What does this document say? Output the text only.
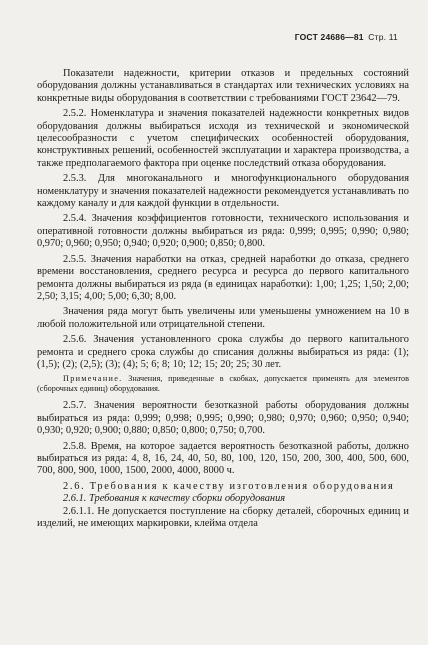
ГОСТ 24686—81 Стр. 11

Показатели надежности, критерии отказов и предельных состояний оборудования должны устанавливаться в стандартах или технических условиях на конкретные виды оборудования в соответствии с требованиями ГОСТ 23642—79.

2.5.2. Номенклатура и значения показателей надежности конкретных видов оборудования должны выбираться исходя из технической и экономической целесообразности с учетом специфических особенностей оборудования, конструктивных решений, особенностей эксплуатации и характера производства, а также предполагаемого фактора при оценке последствий отказа оборудования.

2.5.3. Для многоканального и многофункционального оборудования номенклатуру и значения показателей надежности рекомендуется устанавливать по каждому каналу и для каждой функции в отдельности.

2.5.4. Значения коэффициентов готовности, технического использования и оперативной готовности должны выбираться из ряда: 0,999; 0,995; 0,990; 0,980; 0,970; 0,960; 0,950; 0,940; 0,920; 0,900; 0,850; 0,800.

2.5.5. Значения наработки на отказ, средней наработки до отказа, среднего времени восстановления, среднего ресурса и ресурса до первого капитального ремонта должны выбираться из ряда (в единицах наработки): 1,00; 1,25; 1,50; 2,00; 2,50; 3,15; 4,00; 5,00; 6,30; 8,00.

Значения ряда могут быть увеличены или уменьшены умножением на 10 в любой положительной или отрицательной степени.

2.5.6. Значения установленного срока службы до первого капитального ремонта и среднего срока службы до списания должны выбираться из ряда: (1); (1,5); (2); (2,5); (3); (4); 5; 6; 8; 10; 12; 15; 20; 25; 30 лет.

Примечание. Значения, приведенные в скобках, допускается применять для элементов (сборочных единиц) оборудования.

2.5.7. Значения вероятности безотказной работы оборудования должны выбираться из ряда: 0,999; 0,998; 0,995; 0,990; 0,980; 0,970; 0,960; 0,950; 0,940; 0,930; 0,920; 0,900; 0,880; 0,850; 0,800; 0,750; 0,700.

2.5.8. Время, на которое задается вероятность безотказной работы, должно выбираться из ряда: 4, 8, 16, 24, 40, 50, 80, 100, 120, 150, 200, 300, 400, 500, 600, 700, 800, 900, 1000, 1500, 2000, 4000, 8000 ч.

2.6. Требования к качеству изготовления оборудования

2.6.1. Требования к качеству сборки оборудования

2.6.1.1. Не допускается поступление на сборку деталей, сборочных единиц и изделий, не имеющих маркировки, клейма отдела
